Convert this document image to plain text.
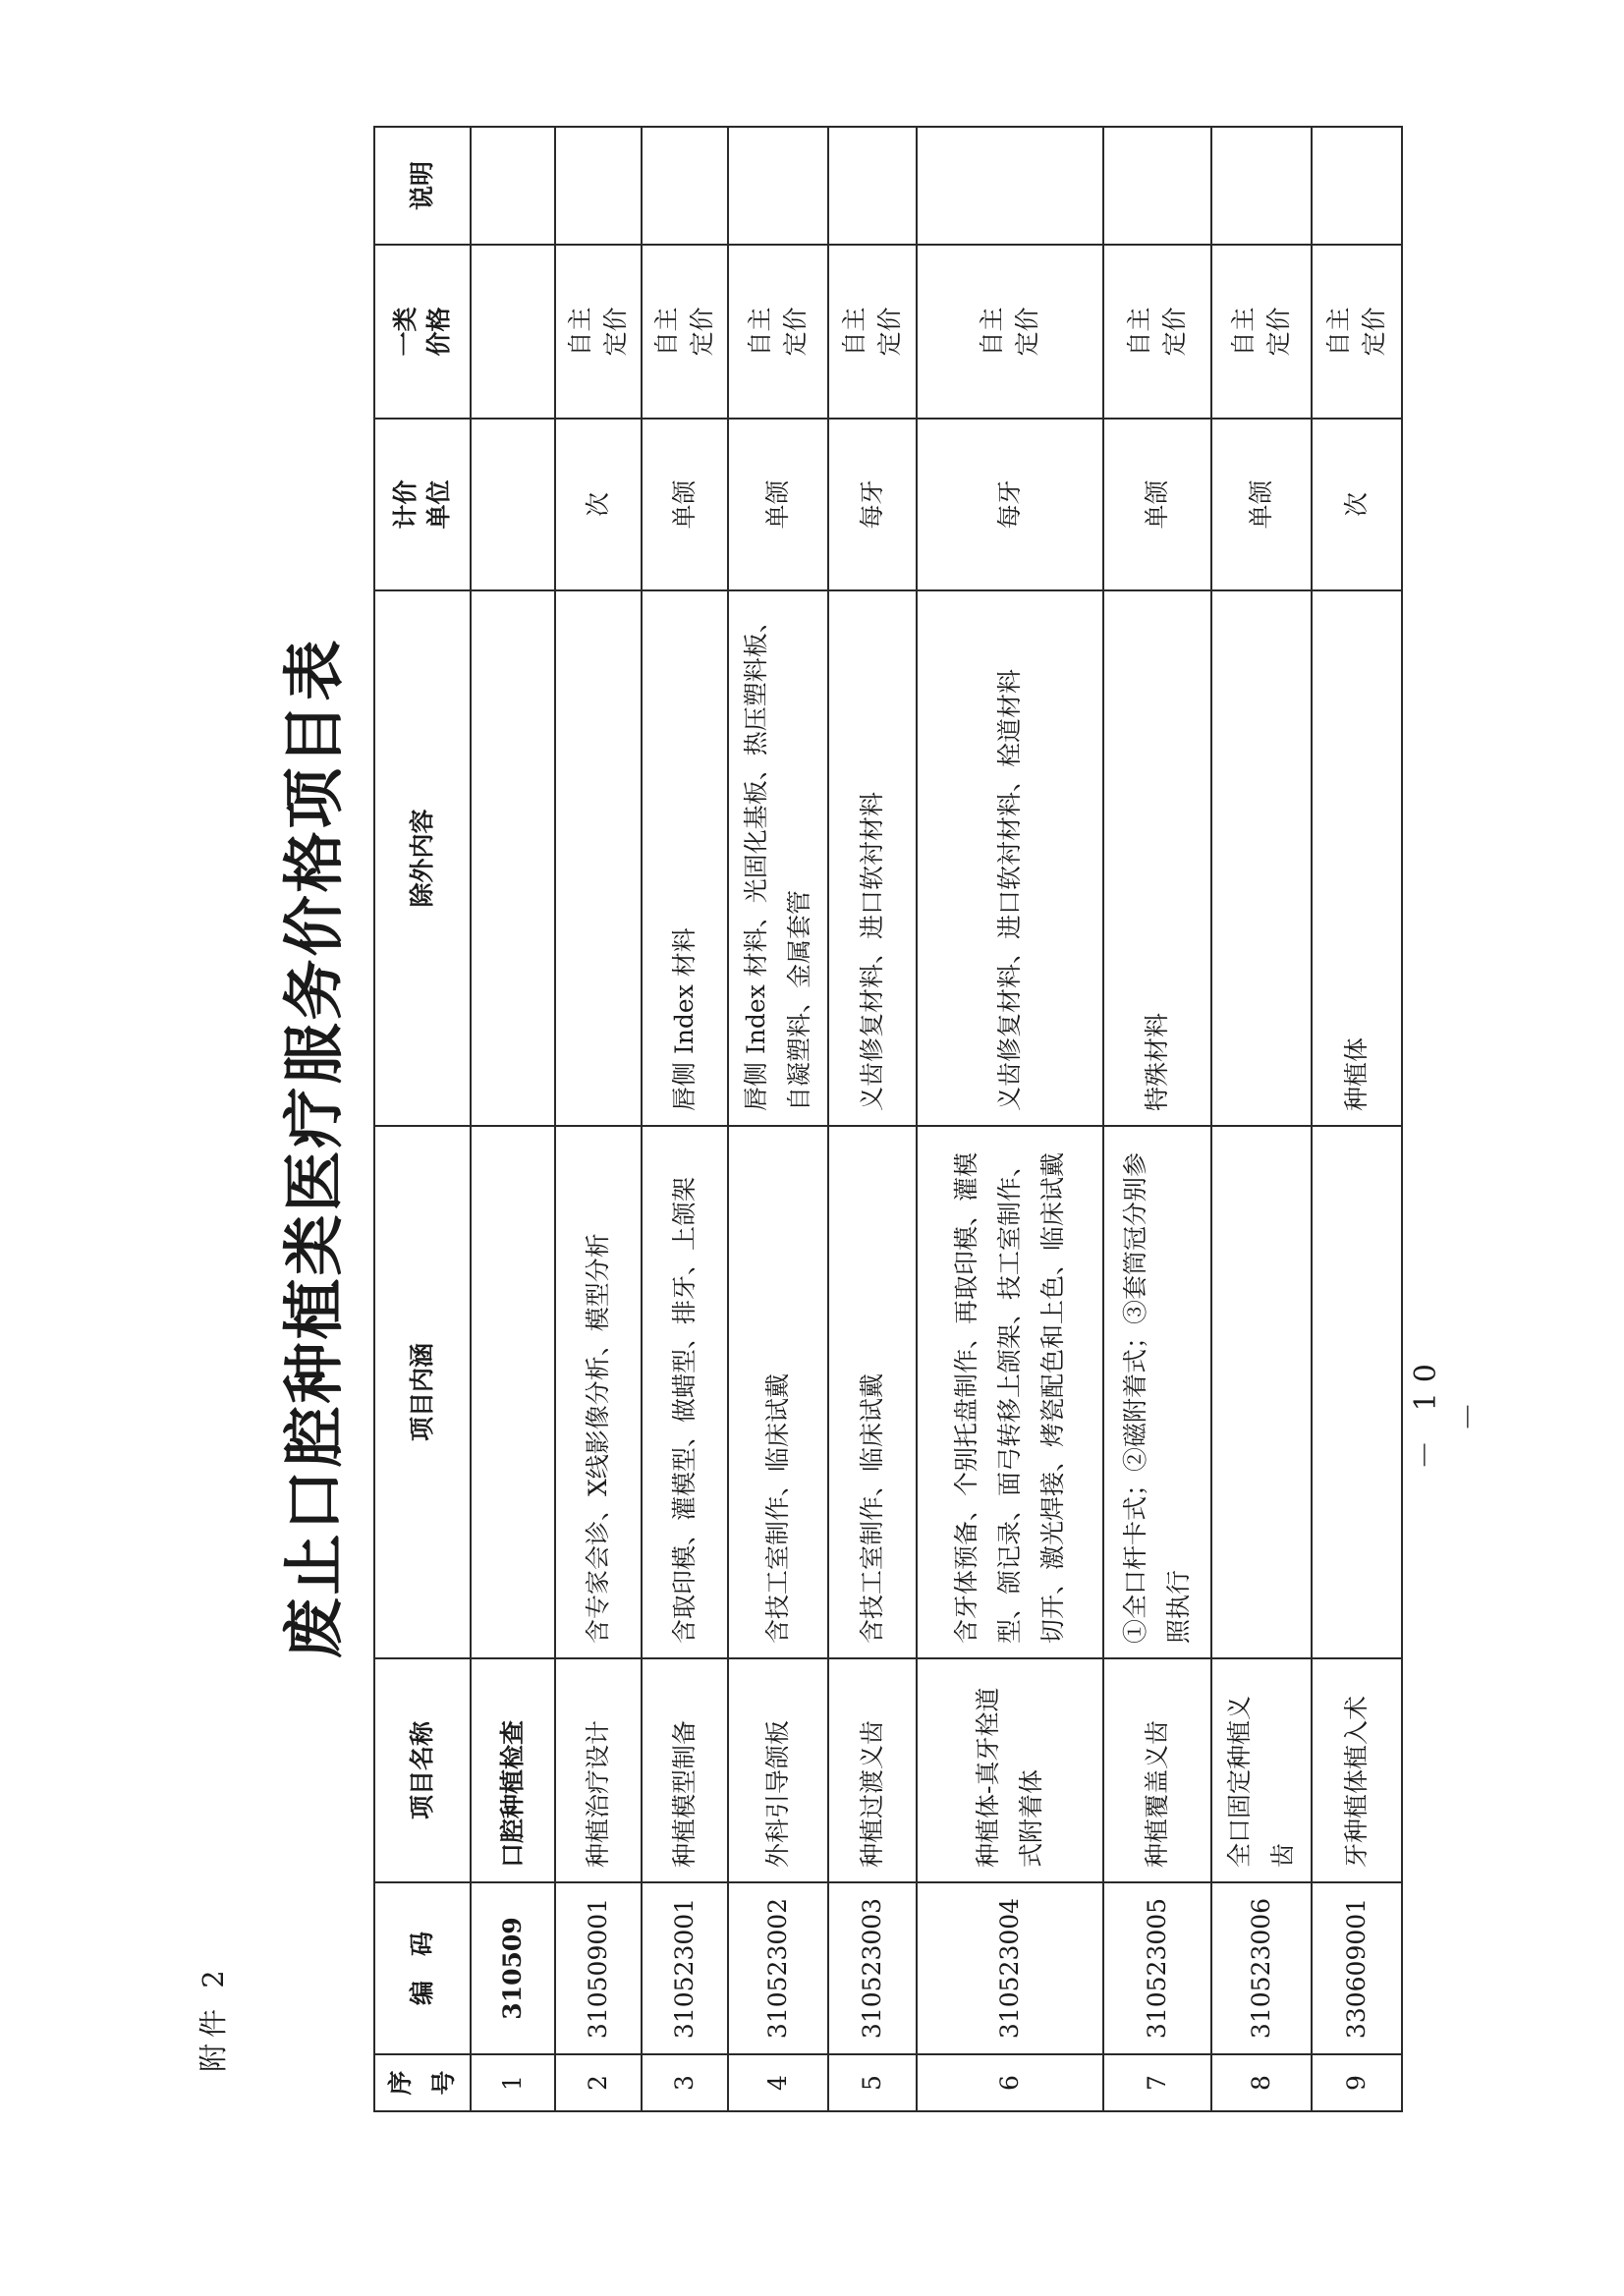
附件 2
废止口腔种植类医疗服务价格项目表
序号	编　码	项目名称	项目内涵	除外内容	计价 单位	一类 价格	说明
1	310509	口腔种植检查				

2	310509001	种植治疗设计	含专家会诊、X线影像分析、模型分析		次	自主 定价	

3	310523001	种植模型制备	含取印模、灌模型、做蜡型、排牙、上颌架	唇侧 Index 材料	单颌	自主 定价	

4	310523002	外科引导颌板	含技工室制作、临床试戴	唇侧 Index 材料、光固化基板、热压塑料板、自凝塑料、金属套管	单颌	自主 定价	

5	310523003	种植过渡义齿	含技工室制作、临床试戴	义齿修复材料、进口软衬材料	每牙	自主 定价	

6	310523004	种植体-真牙栓道式附着体	含牙体预备、个别托盘制作、再取印模、灌模型、颌记录、面弓转移上颌架、技工室制作、切开、激光焊接、烤瓷配色和上色、临床试戴	义齿修复材料、进口软衬材料、栓道材料	每牙	自主 定价	

7	310523005	种植覆盖义齿	①全口杆卡式；②磁附着式；③套筒冠分别参照执行	特殊材料	单颌	自主 定价	

8	310523006	全口固定种植义齿			单颌	自主 定价	

9	330609001	牙种植体植入术		种植体	次	自主 定价	

－ 10 －
